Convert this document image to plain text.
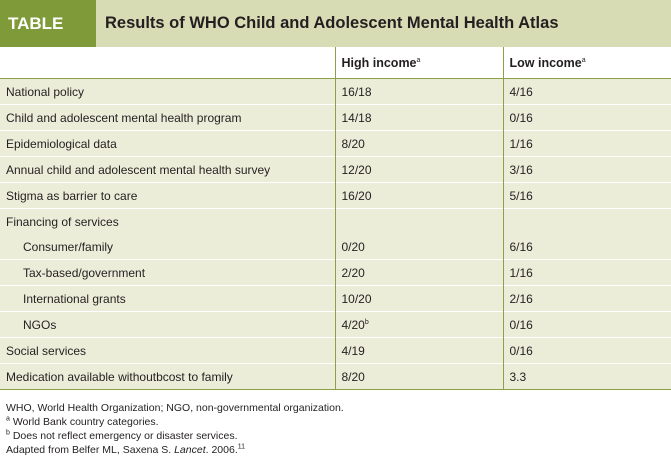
TABLE	Results of WHO Child and Adolescent Mental Health Atlas
	High income$^a$	Low income$^a$
National policy	16/18	4/16
Child and adolescent mental health program	14/18	0/16
Epidemiological data	8/20	1/16
Annual child and adolescent mental health survey	12/20	3/16
Stigma as barrier to care	16/20	5/16
Financing of services		
Consumer/family	0/20	6/16
Tax-based/government	2/20	1/16
International grants	10/20	2/16
NGOs	4/20$^b$	0/16
Social services	4/19	0/16
Medication available withoutbcost to family	8/20	3.3
WHO, World Health Organization; NGO, non-governmental organization.
$^a$ World Bank country categories.
$^b$ Does not reflect emergency or disaster services.
Adapted from Belfer ML, Saxena S. Lancet. 2006.11
